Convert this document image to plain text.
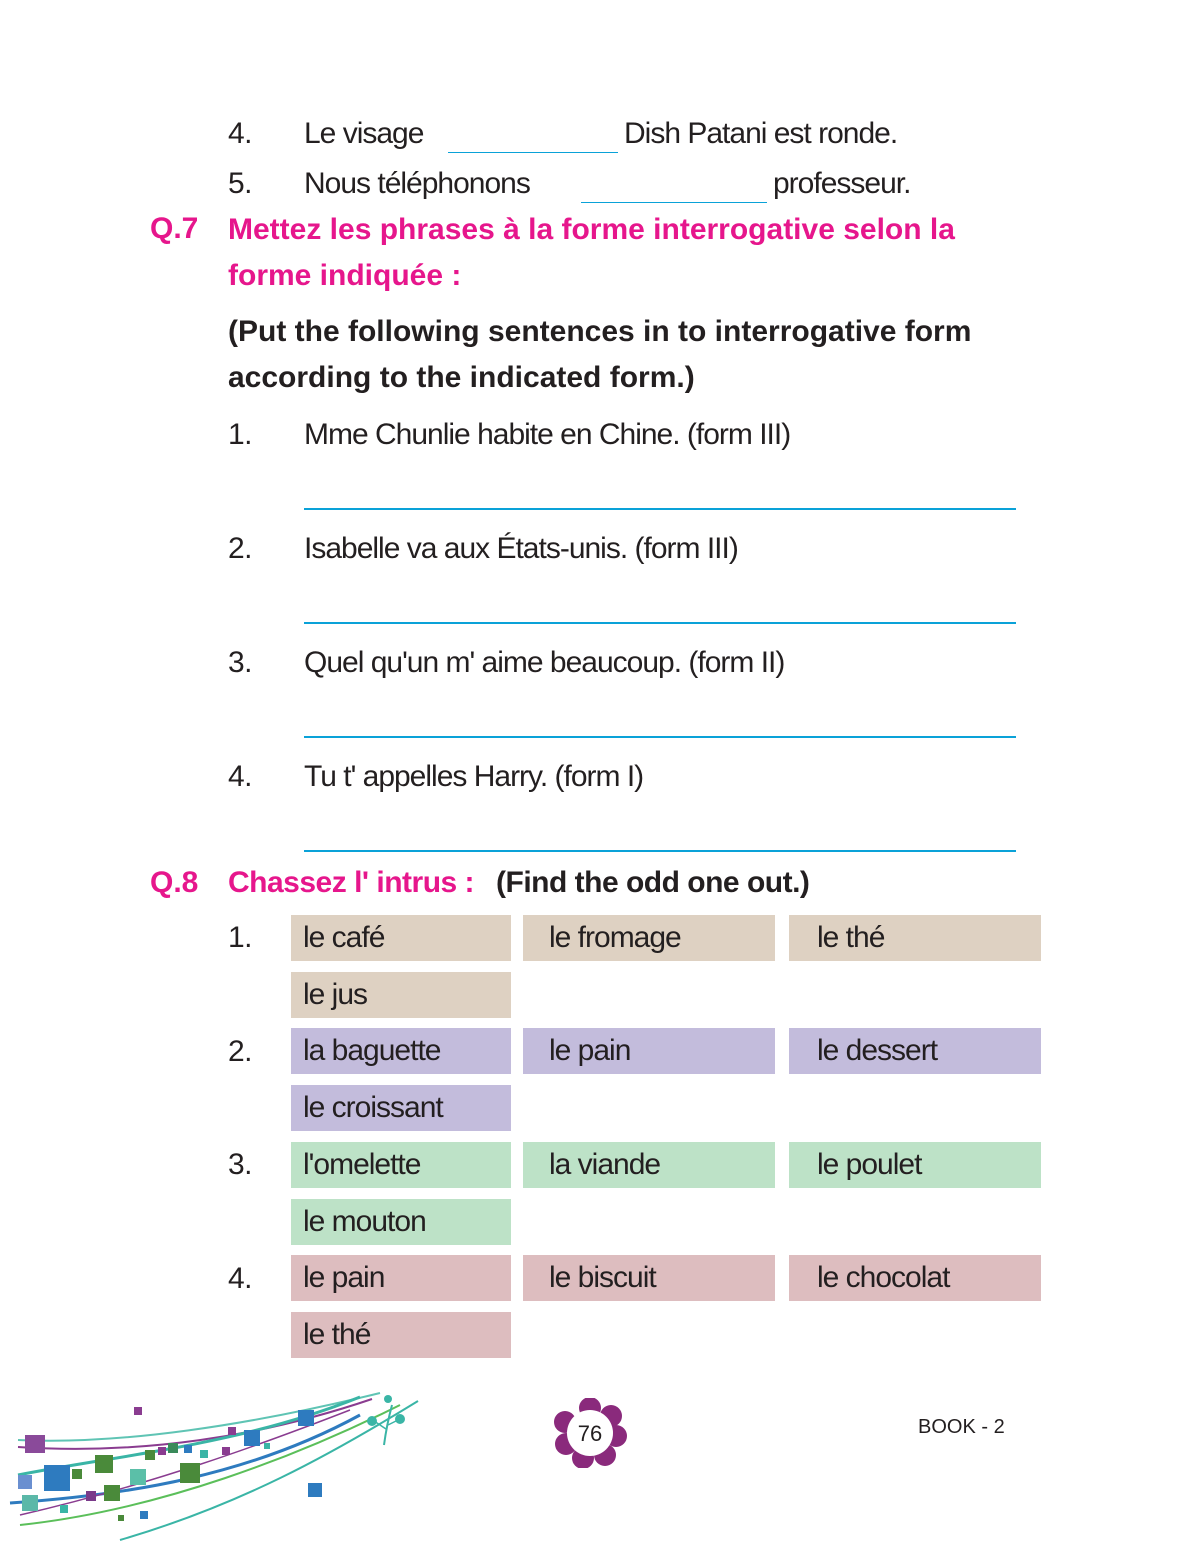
4. Le visage	Dish Patani est ronde.
5. Nous téléphonons	professeur.
Q.7 Mettez les phrases à la forme interrogative selon la
forme indiquée :
(Put the following sentences in to interrogative form
according to the indicated form.)
1. Mme Chunlie habite en Chine. (form III)
2. Isabelle va aux États-unis. (form III)
3. Quel qu'un m' aime beaucoup. (form II)
4. Tu t' appelles Harry. (form I)
Q.8 Chassez l' intrus : (Find the odd one out.)
1.	le café	le fromage	le thé
le jus
2.	la baguette	le pain	le dessert
le croissant
3.	l'omelette	la viande	le poulet
le mouton
4.	le pain	le biscuit	le chocolat
le thé
76	BOOK - 2
